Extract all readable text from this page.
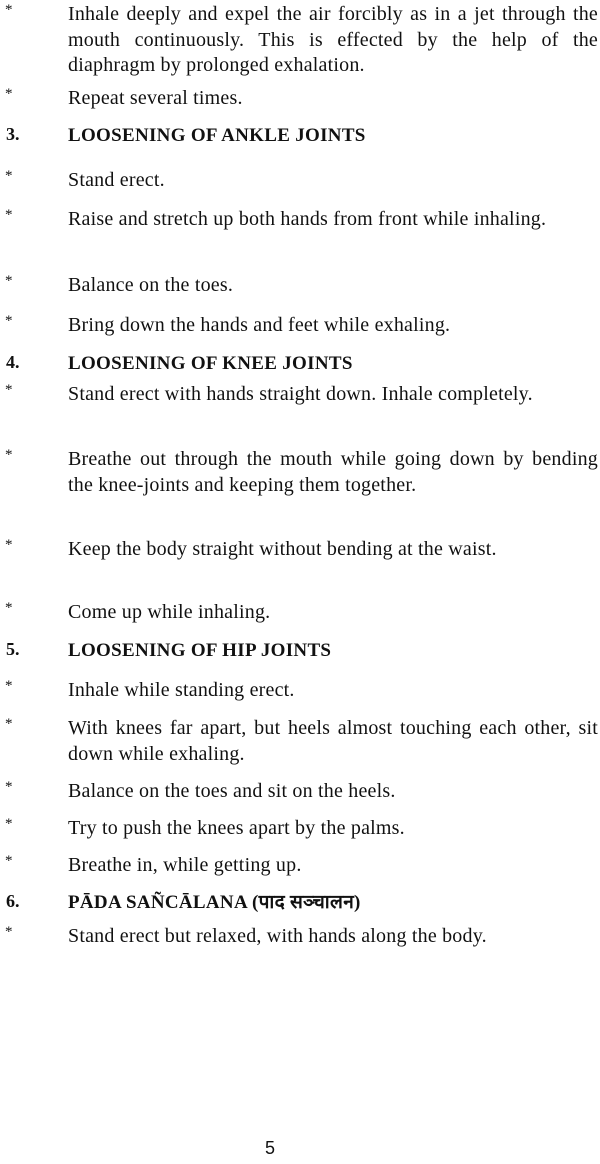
*	Inhale deeply and expel the air forcibly as in a jet through the mouth continuously. This is effected by the help of the diaphragm by prolonged exhalation.
*	Repeat several times.
3.	LOOSENING OF ANKLE JOINTS
*	Stand erect.
*	Raise and stretch up both hands from front while inhaling.
*	Balance on the toes.
*	Bring down the hands and feet while exhaling.
4.	LOOSENING OF KNEE JOINTS
*	Stand erect with hands straight down. Inhale completely.
*	Breathe out through the mouth while going down by bending the knee-joints and keeping them together.
*	Keep the body straight without bending at the waist.
*	Come up while inhaling.
5.	LOOSENING OF HIP JOINTS
*	Inhale while standing erect.
*	With knees far apart, but heels almost touching each other, sit down while exhaling.
*	Balance on the toes and sit on the heels.
*	Try to push the knees apart by the palms.
*	Breathe in, while getting up.
6.	PĀDA SAÑCĀLANA (पाद सञ्चालन)
*	Stand erect but relaxed, with hands along the body.
5
